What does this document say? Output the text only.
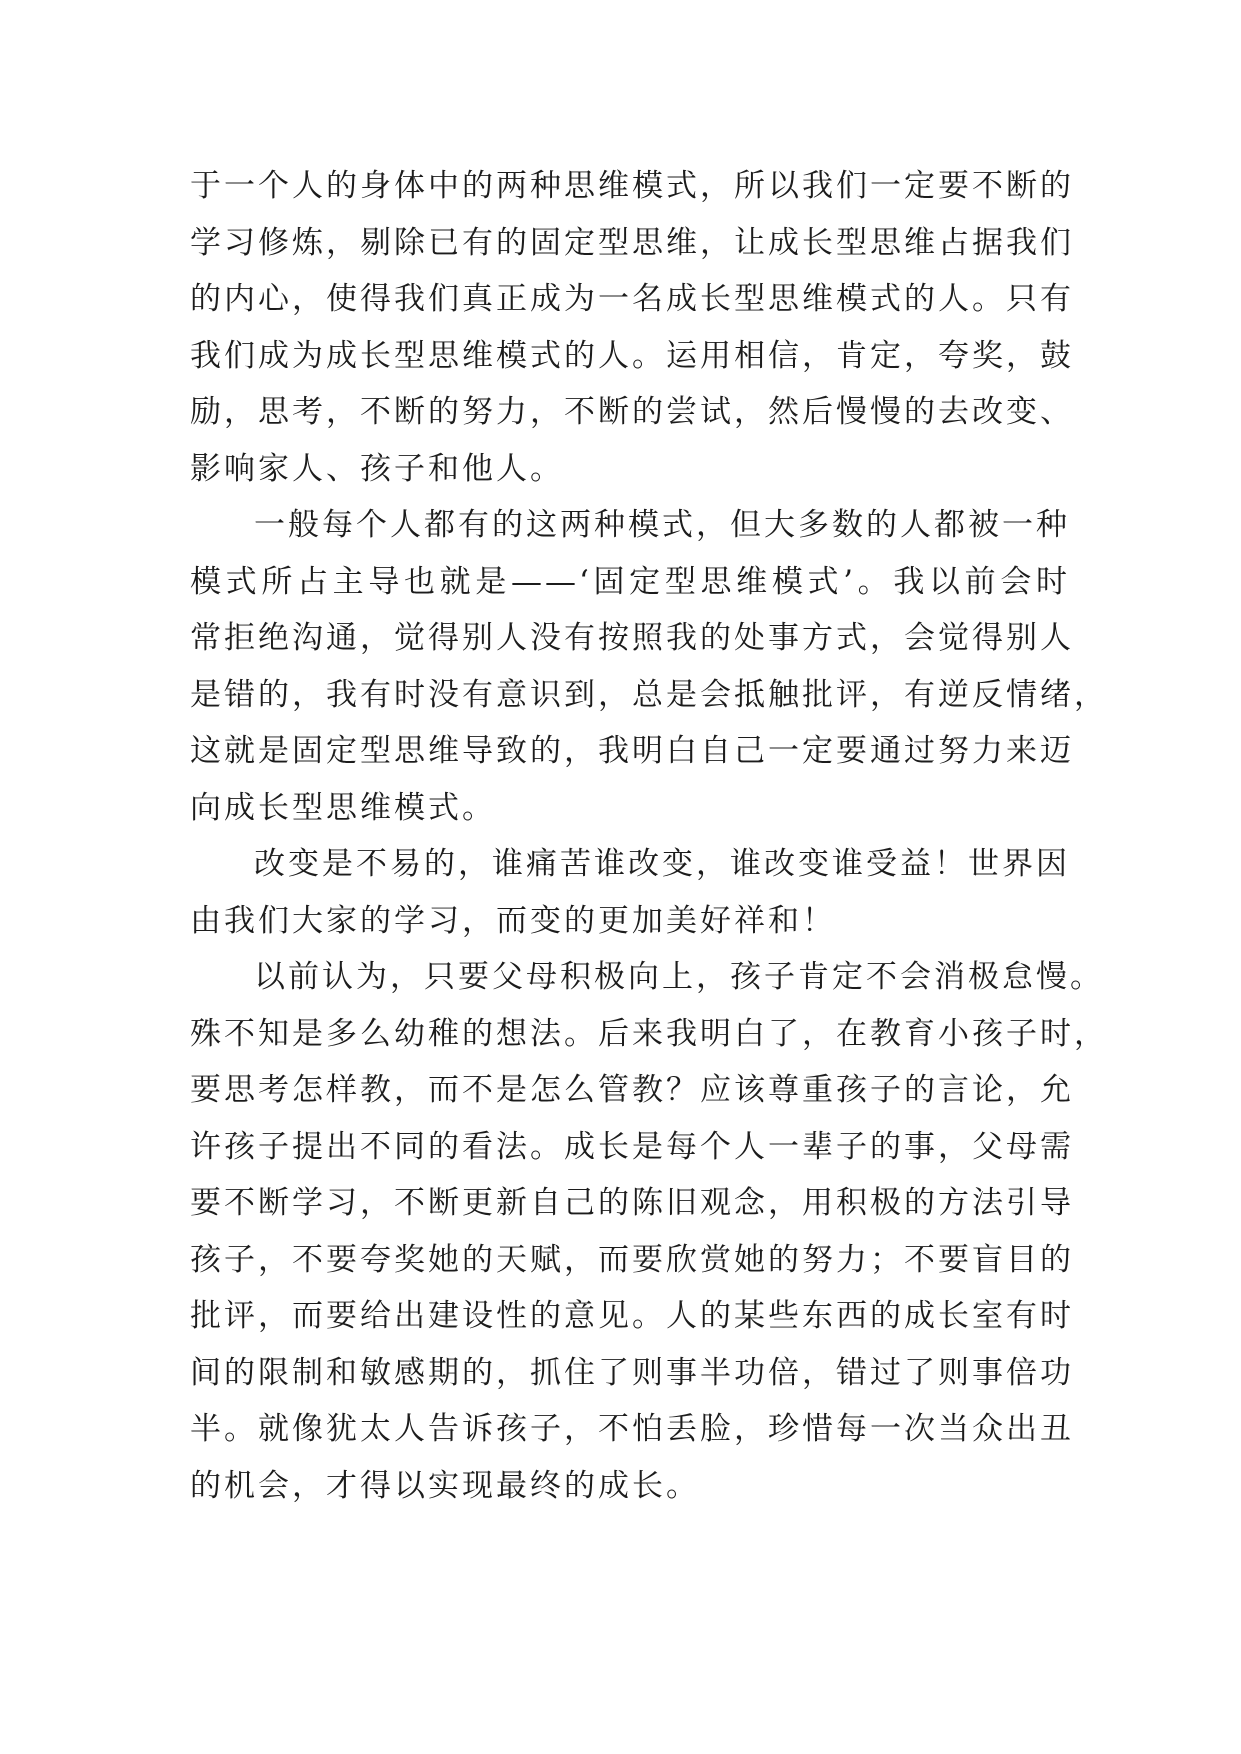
于一个人的身体中的两种思维模式，所以我们一定要不断的
学习修炼，剔除已有的固定型思维，让成长型思维占据我们
的内心，使得我们真正成为一名成长型思维模式的人。只有
我们成为成长型思维模式的人。运用相信，肯定，夸奖，鼓
励，思考，不断的努力，不断的尝试，然后慢慢的去改变、
影响家人、孩子和他人。
一般每个人都有的这两种模式，但大多数的人都被一种
模式所占主导也就是——‘固定型思维模式’。我以前会时
常拒绝沟通，觉得别人没有按照我的处事方式，会觉得别人
是错的，我有时没有意识到，总是会抵触批评，有逆反情绪，
这就是固定型思维导致的，我明白自己一定要通过努力来迈
向成长型思维模式。
改变是不易的，谁痛苦谁改变，谁改变谁受益！世界因
由我们大家的学习，而变的更加美好祥和！
以前认为，只要父母积极向上，孩子肯定不会消极怠慢。
殊不知是多么幼稚的想法。后来我明白了，在教育小孩子时，
要思考怎样教，而不是怎么管教？应该尊重孩子的言论，允
许孩子提出不同的看法。成长是每个人一辈子的事，父母需
要不断学习，不断更新自己的陈旧观念，用积极的方法引导
孩子，不要夸奖她的天赋，而要欣赏她的努力；不要盲目的
批评，而要给出建设性的意见。人的某些东西的成长室有时
间的限制和敏感期的，抓住了则事半功倍，错过了则事倍功
半。就像犹太人告诉孩子，不怕丢脸，珍惜每一次当众出丑
的机会，才得以实现最终的成长。
